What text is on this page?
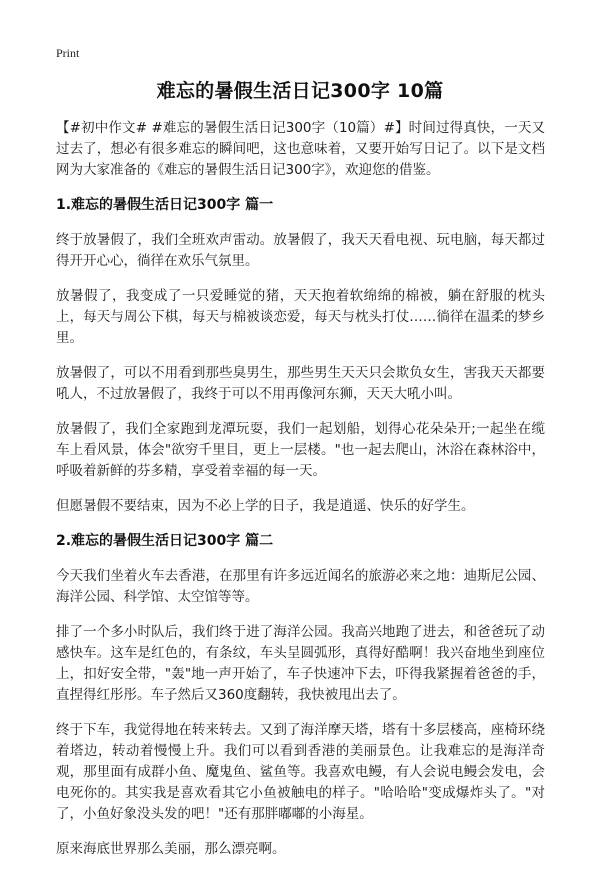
Print
难忘的暑假生活日记300字 10篇

【#初中作文# #难忘的暑假生活日记300字（10篇）#】时间过得真快，一天又过去了，想必有很多难忘的瞬间吧，这也意味着，又要开始写日记了。以下是文档网为大家准备的《难忘的暑假生活日记300字》，欢迎您的借鉴。

1.难忘的暑假生活日记300字 篇一

终于放暑假了，我们全班欢声雷动。放暑假了，我天天看电视、玩电脑，每天都过得开开心心，徜徉在欢乐气氛里。

放暑假了，我变成了一只爱睡觉的猪，天天抱着软绵绵的棉被，躺在舒服的枕头上，每天与周公下棋，每天与棉被谈恋爱，每天与枕头打仗……徜徉在温柔的梦乡里。

放暑假了，可以不用看到那些臭男生，那些男生天天只会欺负女生，害我天天都要吼人，不过放暑假了，我终于可以不用再像河东狮，天天大吼小叫。

放暑假了，我们全家跑到龙潭玩耍，我们一起划船，划得心花朵朵开;一起坐在缆车上看风景，体会"欲穷千里目，更上一层楼。"也一起去爬山，沐浴在森林浴中，呼吸着新鲜的芬多精，享受着幸福的每一天。

但愿暑假不要结束，因为不必上学的日子，我是逍遥、快乐的好学生。

2.难忘的暑假生活日记300字 篇二

今天我们坐着火车去香港，在那里有许多远近闻名的旅游必来之地：迪斯尼公园、海洋公园、科学馆、太空馆等等。

排了一个多小时队后，我们终于进了海洋公园。我高兴地跑了进去，和爸爸玩了动感快车。这车是红色的，有条纹，车头呈圆弧形，真得好酷啊！我兴奋地坐到座位上，扣好安全带，"轰"地一声开始了，车子快速冲下去，吓得我紧握着爸爸的手，直捏得红彤彤。车子然后又360度翻转，我快被甩出去了。

终于下车，我觉得地在转来转去。又到了海洋摩天塔，塔有十多层楼高，座椅环绕着塔边，转动着慢慢上升。我们可以看到香港的美丽景色。让我难忘的是海洋奇观，那里面有成群小鱼、魔鬼鱼、鲨鱼等。我喜欢电鳗，有人会说电鳗会发电，会电死你的。其实我是喜欢看其它小鱼被触电的样子。"哈哈哈"变成爆炸头了。"对了，小鱼好象没头发的吧！"还有那胖嘟嘟的小海星。

原来海底世界那么美丽，那么漂亮啊。
